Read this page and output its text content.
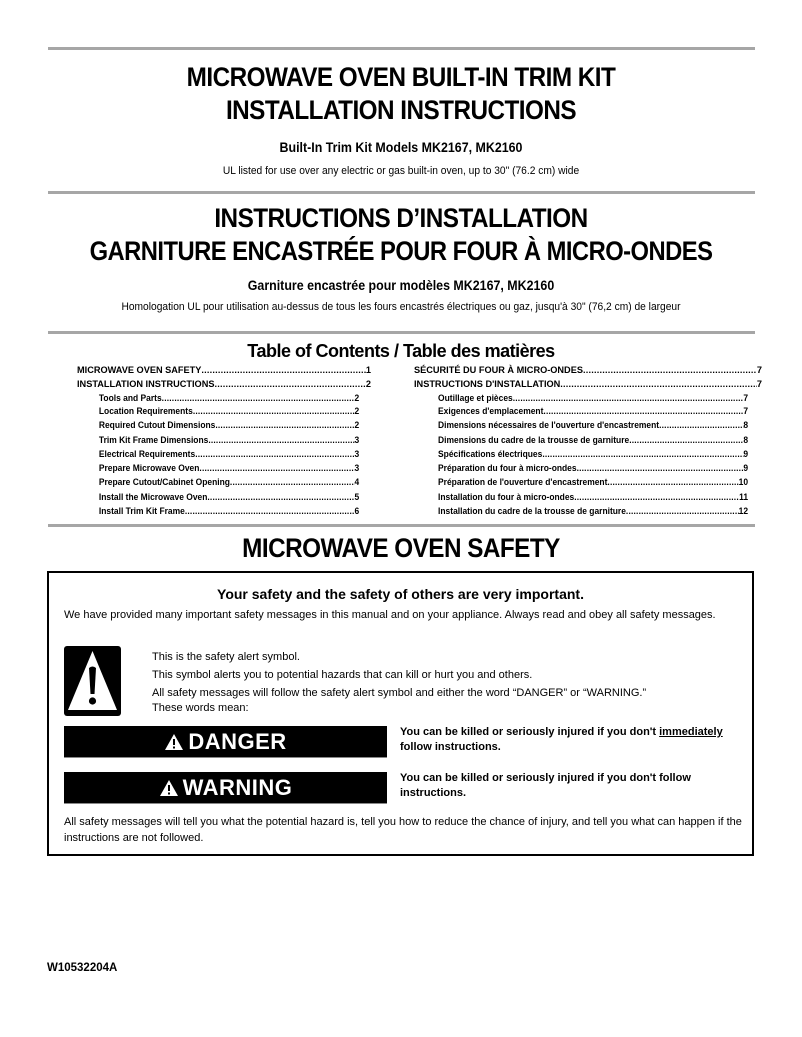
MICROWAVE OVEN BUILT-IN TRIM KIT
INSTALLATION INSTRUCTIONS
Built-In Trim Kit Models MK2167, MK2160
UL listed for use over any electric or gas built-in oven, up to 30" (76.2 cm) wide
INSTRUCTIONS D’INSTALLATION
GARNITURE ENCASTRÉE POUR FOUR À MICRO-ONDES
Garniture encastrée pour modèles MK2167, MK2160
Homologation UL pour utilisation au-dessus de tous les fours encastrés électriques ou gaz, jusqu'à 30" (76,2 cm) de largeur
Table of Contents / Table des matières
MICROWAVE OVEN SAFETY .....	1
INSTALLATION INSTRUCTIONS .....	2
Tools and Parts .....	2
Location Requirements .....	2
Required Cutout Dimensions .....	2
Trim Kit Frame Dimensions .....	3
Electrical Requirements .....	3
Prepare Microwave Oven .....	3
Prepare Cutout/Cabinet Opening .....	4
Install the Microwave Oven .....	5
Install Trim Kit Frame .....	6
SÉCURITÉ DU FOUR À MICRO-ONDES .....	7
INSTRUCTIONS D'INSTALLATION .....	7
Outillage et pièces .....	7
Exigences d'emplacement .....	7
Dimensions nécessaires de l'ouverture d'encastrement .....	8
Dimensions du cadre de la trousse de garniture .....	8
Spécifications électriques .....	9
Préparation du four à micro-ondes .....	9
Préparation de l'ouverture d'encastrement .....	10
Installation du four à micro-ondes .....	11
Installation du cadre de la trousse de garniture .....	12
MICROWAVE OVEN SAFETY
Your safety and the safety of others are very important.
We have provided many important safety messages in this manual and on your appliance. Always read and obey all safety messages.
This is the safety alert symbol.
This symbol alerts you to potential hazards that can kill or hurt you and others.
All safety messages will follow the safety alert symbol and either the word “DANGER” or “WARNING.”
These words mean:
DANGER	You can be killed or seriously injured if you don't immediately follow instructions.
WARNING	You can be killed or seriously injured if you don't follow instructions.
All safety messages will tell you what the potential hazard is, tell you how to reduce the chance of injury, and tell you what can happen if the instructions are not followed.
W10532204A
